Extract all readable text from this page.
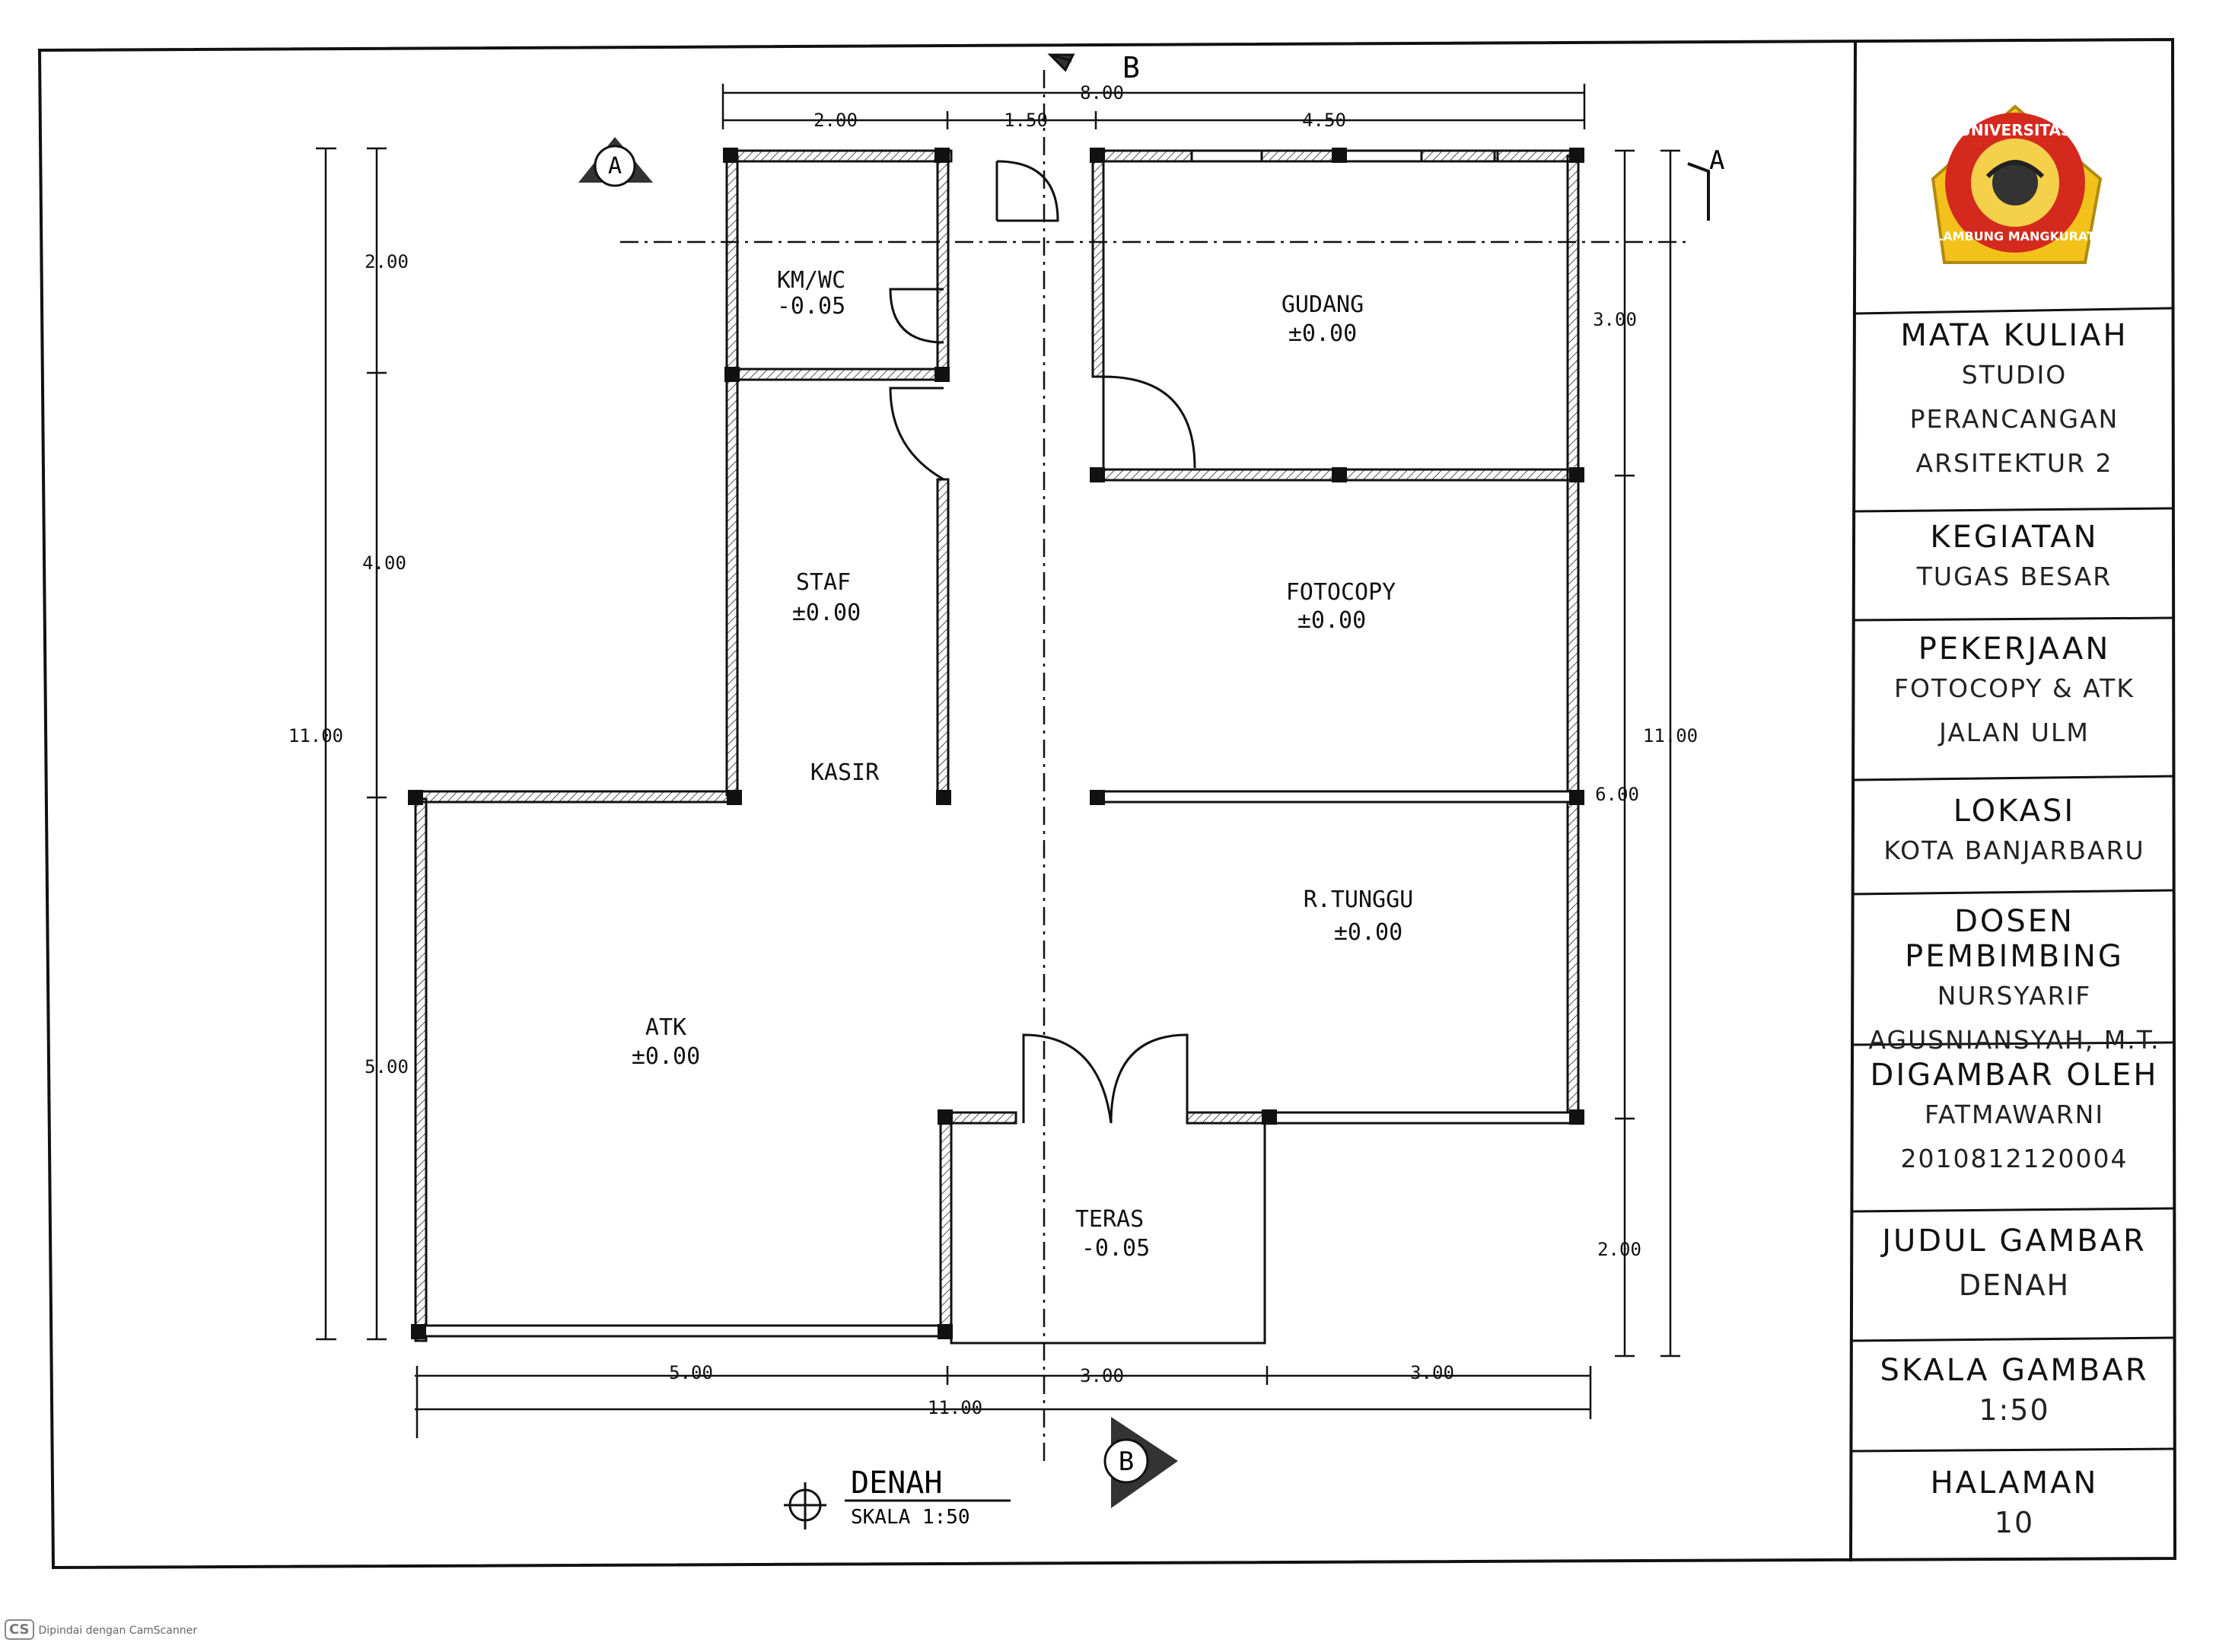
UNIVERSITAS
LAMBUNG MANGKURAT
A	A
B
B
8.00
2.00	1.50	4.50
2.00
4.00
5.00
11.00
3.00
6.00
2.00
11.00
5.00	3.00	3.00
11.00
KM/WC
-0.05	GUDANG
±0.00
STAF
±0.00
KASIR
FOTOCOPY
±0.00
R.TUNGGU
±0.00
ATK
±0.00
TERAS
-0.05
DENAH
SKALA 1:50
MATA KULIAH
STUDIO
PERANCANGAN
ARSITEKTUR 2
KEGIATAN
TUGAS BESAR
PEKERJAAN
FOTOCOPY & ATK
JALAN ULM
LOKASI
KOTA BANJARBARU
DOSEN PEMBIMBING
NURSYARIF
AGUSNIANSYAH, M.T.
DIGAMBAR OLEH
FATMAWARNI
2010812120004
JUDUL GAMBAR
DENAH
SKALA GAMBAR
1:50
HALAMAN
10
CS Dipindai dengan CamScanner
